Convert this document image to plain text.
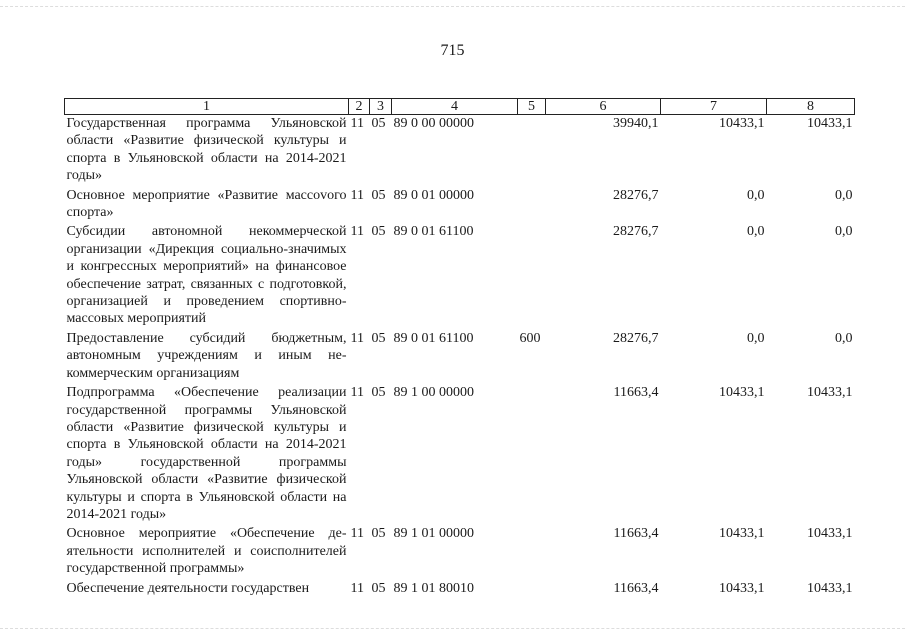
715
1	2	3	4	5	6	7	8
Государственная программа Ульяновской области «Развитие физической культуры и спорта в Ульяновской области на 2014-2021 годы»	11	05	89 0 00 00000		39940,1	10433,1	10433,1
Основное мероприятие «Развитие массоvого спорта»	11	05	89 0 01 00000		28276,7	0,0	0,0
Субсидии автономной некоммерческой организации «Дирекция социально-значимых и конгрессных мероприятий» на финансовое обеспечение затрат, связанных с подготовкой, организацией и проведением спортивно-массовых мероприятий	11	05	89 0 01 61100		28276,7	0,0	0,0
Предоставление субсидий бюджетным, автономным учреждениям и иным некоммерческим организациям	11	05	89 0 01 61100	600	28276,7	0,0	0,0
Подпрограмма «Обеспечение реализации государственной программы Ульяновской области «Развитие физической культуры и спорта в Ульяновской области на 2014-2021 годы» государственной программы Ульяновской области «Развитие физической культуры и спорта в Ульяновской области на 2014-2021 годы»	11	05	89 1 00 00000		11663,4	10433,1	10433,1
Основное мероприятие «Обеспечение деятельности исполнителей и соисполнителей государственной программы»	11	05	89 1 01 00000		11663,4	10433,1	10433,1
Обеспечение деятельности государствен	11	05	89 1 01 80010		11663,4	10433,1	10433,1
